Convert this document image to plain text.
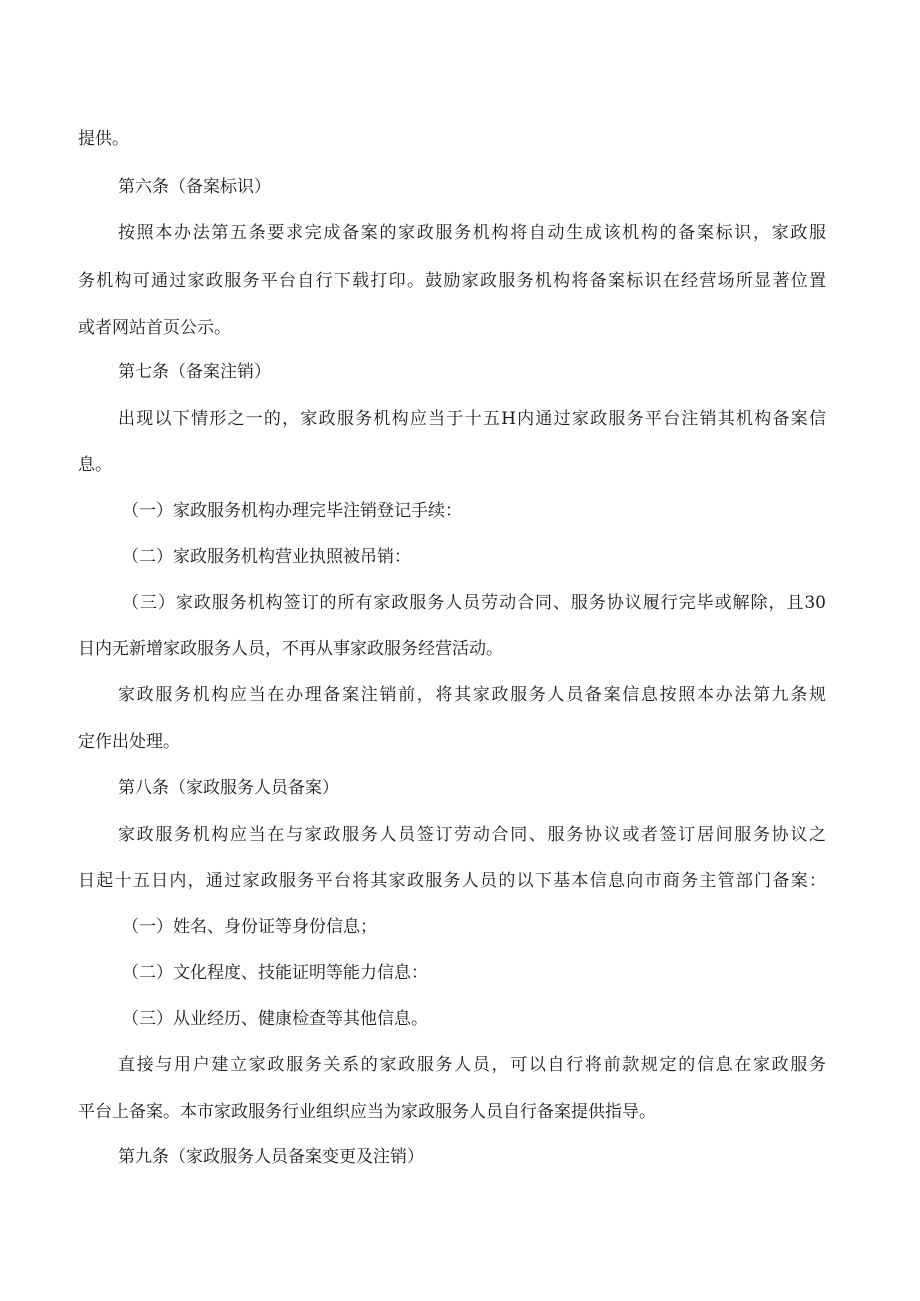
提供。

第六条（备案标识）

按照本办法第五条要求完成备案的家政服务机构将自动生成该机构的备案标识，家政服

务机构可通过家政服务平台自行下载打印。鼓励家政服务机构将备案标识在经营场所显著位置

或者网站首页公示。

第七条（备案注销）

出现以下情形之一的，家政服务机构应当于十五H内通过家政服务平台注销其机构备案信

息。

（一）家政服务机构办理完毕注销登记手续：

（二）家政服务机构营业执照被吊销：

（三）家政服务机构签订的所有家政服务人员劳动合同、服务协议履行完毕或解除，且30

日内无新增家政服务人员，不再从事家政服务经营活动。

家政服务机构应当在办理备案注销前，将其家政服务人员备案信息按照本办法第九条规

定作出处理。

第八条（家政服务人员备案）

家政服务机构应当在与家政服务人员签订劳动合同、服务协议或者签订居间服务协议之

日起十五日内，通过家政服务平台将其家政服务人员的以下基本信息向市商务主管部门备案：

（一）姓名、身份证等身份信息；

（二）文化程度、技能证明等能力信息：

（三）从业经历、健康检查等其他信息。

直接与用户建立家政服务关系的家政服务人员，可以自行将前款规定的信息在家政服务

平台上备案。本市家政服务行业组织应当为家政服务人员自行备案提供指导。

第九条（家政服务人员备案变更及注销）
